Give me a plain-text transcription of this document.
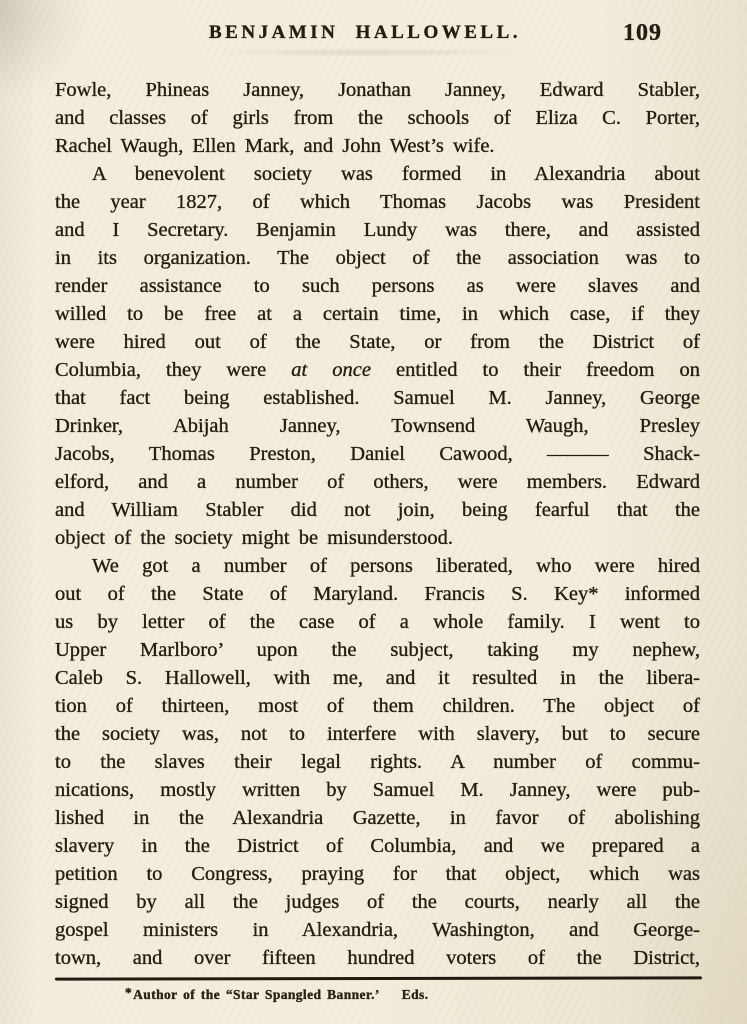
BENJAMIN HALLOWELL.	109
Fowle, Phineas Janney, Jonathan Janney, Edward Stabler,
and classes of girls from the schools of Eliza C. Porter,
Rachel Waugh, Ellen Mark, and John West’s wife.
A benevolent society was formed in Alexandria about
the year 1827, of which Thomas Jacobs was President
and I Secretary. Benjamin Lundy was there, and assisted
in its organization. The object of the association was to
render assistance to such persons as were slaves and
willed to be free at a certain time, in which case, if they
were hired out of the State, or from the District of
Columbia, they were at once entitled to their freedom on
that fact being established. Samuel M. Janney, George
Drinker, Abijah Janney, Townsend Waugh, Presley
Jacobs, Thomas Preston, Daniel Cawood, ——— Shack-
elford, and a number of others, were members. Edward
and William Stabler did not join, being fearful that the
object of the society might be misunderstood.
We got a number of persons liberated, who were hired
out of the State of Maryland. Francis S. Key* informed
us by letter of the case of a whole family. I went to
Upper Marlboro’ upon the subject, taking my nephew,
Caleb S. Hallowell, with me, and it resulted in the libera-
tion of thirteen, most of them children. The object of
the society was, not to interfere with slavery, but to secure
to the slaves their legal rights. A number of commu-
nications, mostly written by Samuel M. Janney, were pub-
lished in the Alexandria Gazette, in favor of abolishing
slavery in the District of Columbia, and we prepared a
petition to Congress, praying for that object, which was
signed by all the judges of the courts, nearly all the
gospel ministers in Alexandria, Washington, and George-
town, and over fifteen hundred voters of the District,
*Author of the “Star Spangled Banner.’ Eds.
